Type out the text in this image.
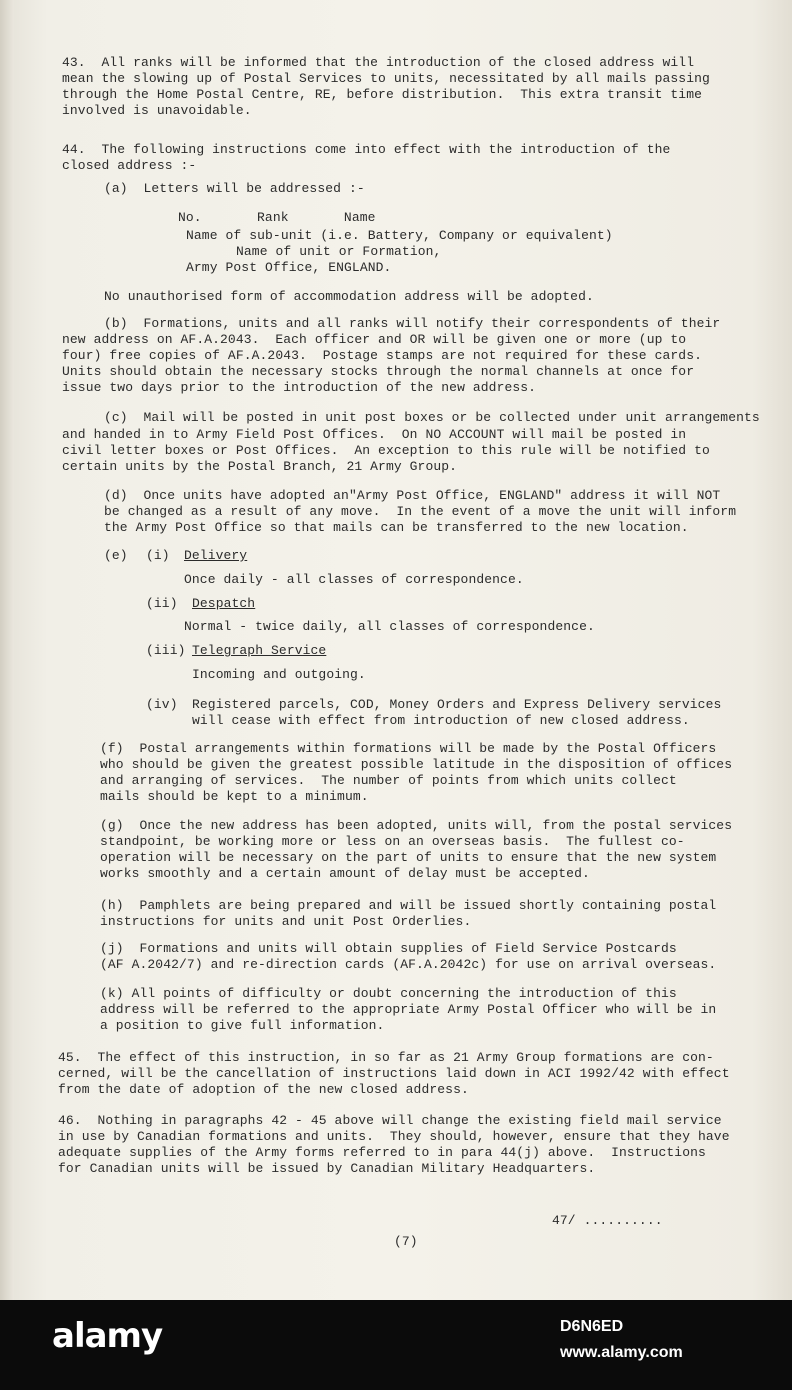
43.  All ranks will be informed that the introduction of the closed address will
mean the slowing up of Postal Services to units, necessitated by all mails passing
through the Home Postal Centre, RE, before distribution.  This extra transit time
involved is unavoidable.
44.  The following instructions come into effect with the introduction of the
closed address :-
(a)  Letters will be addressed :-
No.       Rank       Name
Name of sub-unit (i.e. Battery, Company or equivalent)
Name of unit or Formation,
Army Post Office, ENGLAND.
No unauthorised form of accommodation address will be adopted.
(b)  Formations, units and all ranks will notify their correspondents of their
new address on AF.A.2043.  Each officer and OR will be given one or more (up to
four) free copies of AF.A.2043.  Postage stamps are not required for these cards.
Units should obtain the necessary stocks through the normal channels at once for
issue two days prior to the introduction of the new address.
(c)  Mail will be posted in unit post boxes or be collected under unit arrangements
and handed in to Army Field Post Offices.  On NO ACCOUNT will mail be posted in
civil letter boxes or Post Offices.  An exception to this rule will be notified to
certain units by the Postal Branch, 21 Army Group.
(d)  Once units have adopted an"Army Post Office, ENGLAND" address it will NOT
be changed as a result of any move.  In the event of a move the unit will inform
the Army Post Office so that mails can be transferred to the new location.
(e) (i) Delivery
Once daily - all classes of correspondence.
(ii) Despatch
Normal - twice daily, all classes of correspondence.
(iii) Telegraph Service
Incoming and outgoing.
(iv) Registered parcels, COD, Money Orders and Express Delivery services
will cease with effect from introduction of new closed address.
(f)  Postal arrangements within formations will be made by the Postal Officers
who should be given the greatest possible latitude in the disposition of offices
and arranging of services.  The number of points from which units collect
mails should be kept to a minimum.
(g)  Once the new address has been adopted, units will, from the postal services
standpoint, be working more or less on an overseas basis.  The fullest co-
operation will be necessary on the part of units to ensure that the new system
works smoothly and a certain amount of delay must be accepted.
(h)  Pamphlets are being prepared and will be issued shortly containing postal
instructions for units and unit Post Orderlies.
(j)  Formations and units will obtain supplies of Field Service Postcards
(AF A.2042/7) and re-direction cards (AF.A.2042c) for use on arrival overseas.
(k) All points of difficulty or doubt concerning the introduction of this
address will be referred to the appropriate Army Postal Officer who will be in
a position to give full information.
45.  The effect of this instruction, in so far as 21 Army Group formations are con-
cerned, will be the cancellation of instructions laid down in ACI 1992/42 with effect
from the date of adoption of the new closed address.
46.  Nothing in paragraphs 42 - 45 above will change the existing field mail service
in use by Canadian formations and units.  They should, however, ensure that they have
adequate supplies of the Army forms referred to in para 44(j) above.  Instructions
for Canadian units will be issued by Canadian Military Headquarters.
47/ ..........
(7)
alamy	D6N6ED
www.alamy.com
